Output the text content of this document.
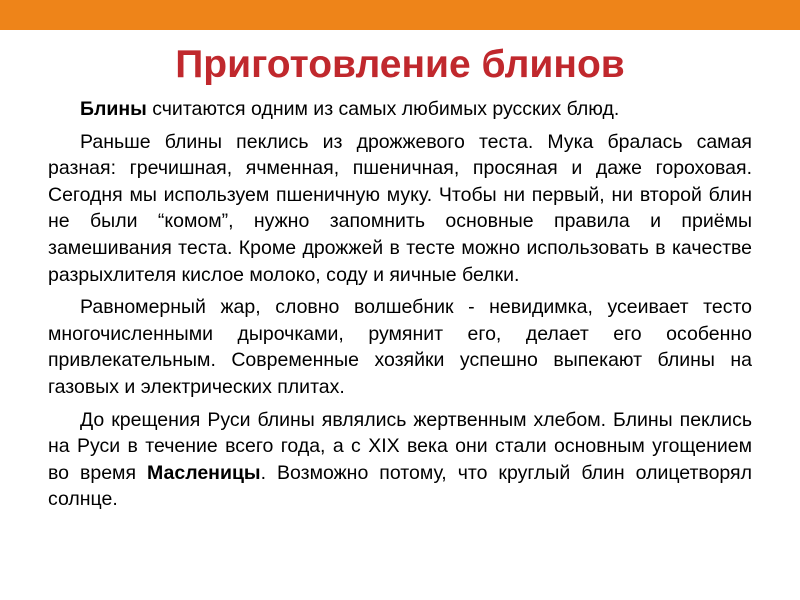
Приготовление блинов

Блины считаются одним из самых любимых русских блюд.

Раньше блины пеклись из дрожжевого теста. Мука бралась самая разная: гречишная, ячменная, пшеничная, просяная и даже гороховая. Сегодня мы используем пшеничную муку. Чтобы ни первый, ни второй блин не были “комом”, нужно запомнить основные правила и приёмы замешивания теста. Кроме дрожжей в тесте можно использовать в качестве разрыхлителя кислое молоко, соду и яичные белки.

Равномерный жар, словно волшебник - невидимка, усеивает тесто многочисленными дырочками, румянит его, делает его особенно привлекательным. Современные хозяйки успешно выпекают блины на газовых и электрических плитах.

До крещения Руси блины являлись жертвенным хлебом. Блины пеклись на Руси в течение всего года, а с XIX века они стали основным угощением во время Масленицы. Возможно потому, что круглый блин олицетворял солнце.
